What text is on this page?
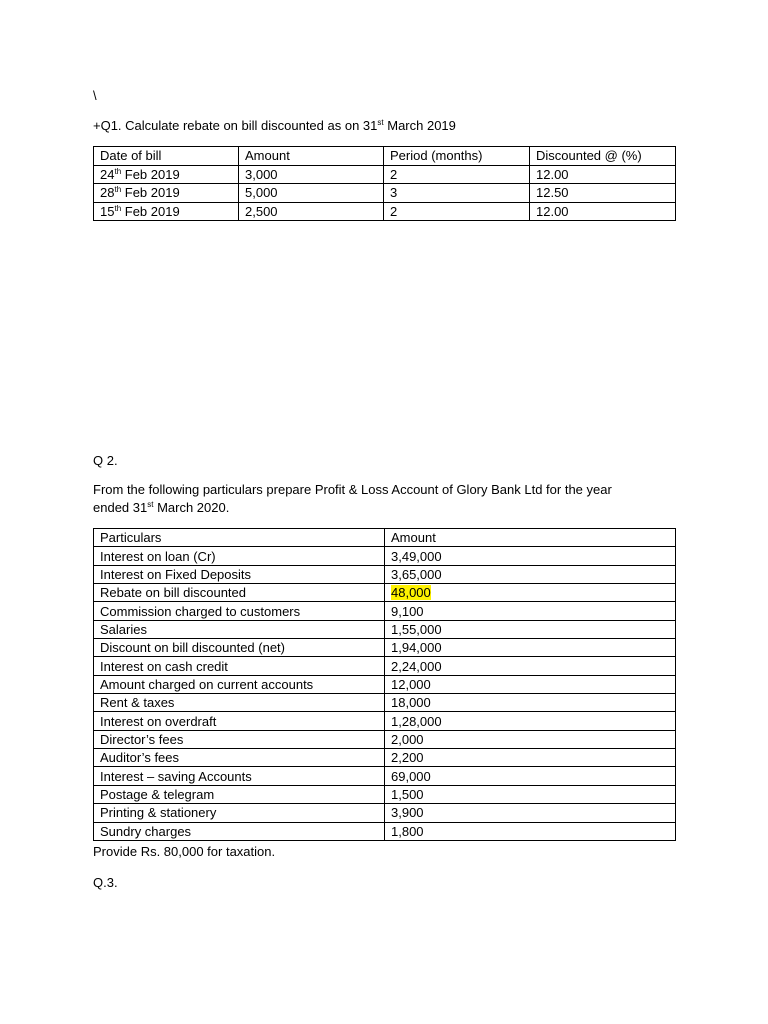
\
+Q1. Calculate rebate on bill discounted as on 31st March 2019
Date of bill	Amount	Period (months)	Discounted @ (%)
24th Feb 2019	3,000	2	12.00
28th Feb 2019	5,000	3	12.50
15th Feb 2019	2,500	2	12.00
Q 2.
From the following particulars prepare Profit & Loss Account of Glory Bank Ltd for the year
ended 31st March 2020.
Particulars	Amount
Interest on loan (Cr)	3,49,000
Interest on Fixed Deposits	3,65,000
Rebate on bill discounted	48,000
Commission charged to customers	9,100
Salaries	1,55,000
Discount on bill discounted (net)	1,94,000
Interest on cash credit	2,24,000
Amount charged on current accounts	12,000
Rent & taxes	18,000
Interest on overdraft	1,28,000
Director’s fees	2,000
Auditor’s fees	2,200
Interest – saving Accounts	69,000
Postage & telegram	1,500
Printing & stationery	3,900
Sundry charges	1,800
Provide Rs. 80,000 for taxation.
Q.3.
